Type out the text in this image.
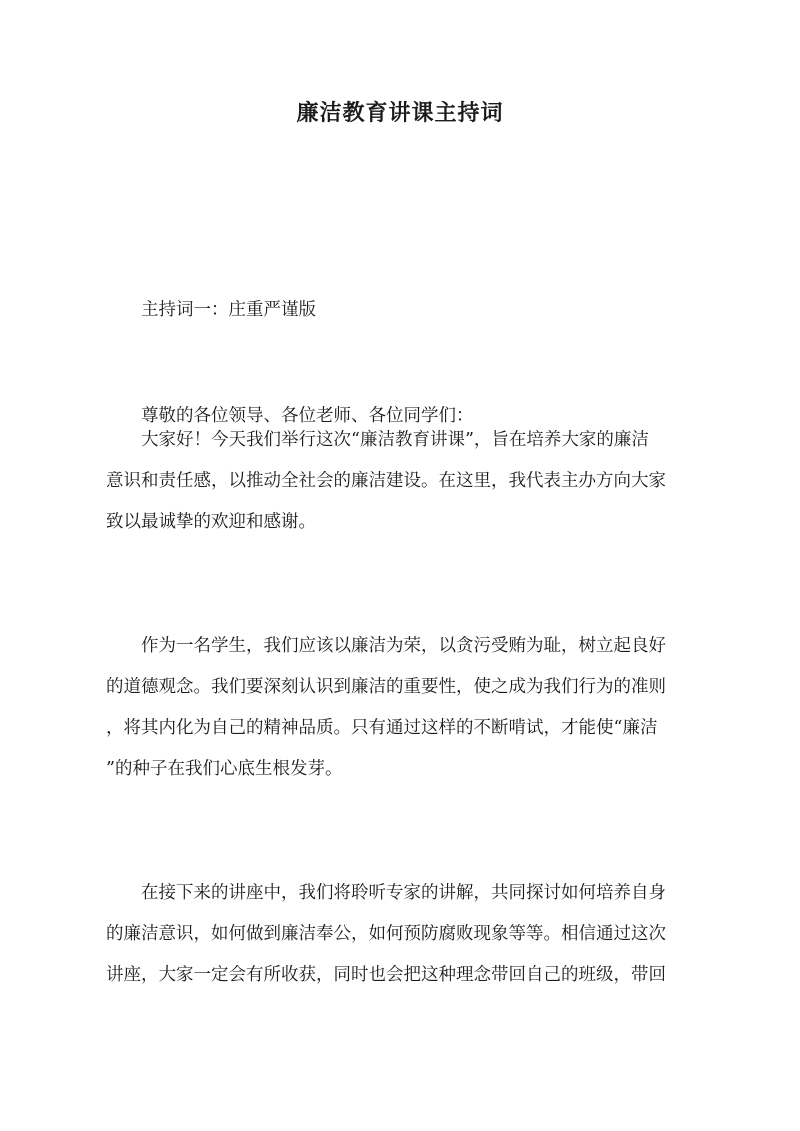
廉洁教育讲课主持词

主持词一：庄重严谨版

尊敬的各位领导、各位老师、各位同学们：

大家好！今天我们举行这次“廉洁教育讲课”，旨在培养大家的廉洁
意识和责任感，以推动全社会的廉洁建设。在这里，我代表主办方向大家
致以最诚挚的欢迎和感谢。
作为一名学生，我们应该以廉洁为荣，以贪污受贿为耻，树立起良好
的道德观念。我们要深刻认识到廉洁的重要性，使之成为我们行为的准则
，将其内化为自己的精神品质。只有通过这样的不断啃试，才能使“廉洁
”的种子在我们心底生根发芽。
在接下来的讲座中，我们将聆听专家的讲解，共同探讨如何培养自身
的廉洁意识，如何做到廉洁奉公，如何预防腐败现象等等。相信通过这次
讲座，大家一定会有所收获，同时也会把这种理念带回自己的班级，带回
